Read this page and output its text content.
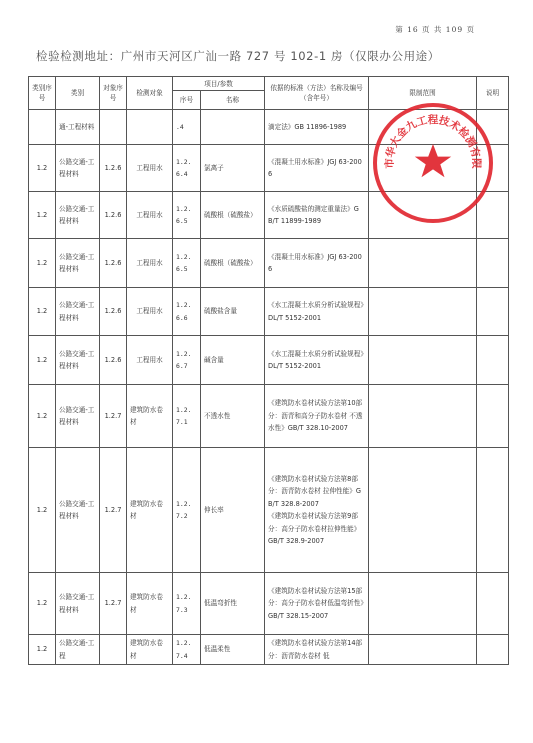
第 16 页 共 109 页
检验检测地址：广州市天河区广汕一路 727 号 102-1 房（仅限办公用途）
类别序号	类别	对象序号	检测对象	项目/参数		依据的标准（方法）名称及编号（含年号）	限制范围	说明
				序号	名称			
	通-工程材料			.4		滴定法》GB 11896-1989		
1.2	公路交通-工程材料	1.2.6	工程用水	1.2.6.4	氯离子	《混凝土用水标准》JGJ 63-2006		
1.2	公路交通-工程材料	1.2.6	工程用水	1.2.6.5	硫酸根（硫酸盐）	《水质硫酸盐的测定重量法》GB/T 11899-1989		
1.2	公路交通-工程材料	1.2.6	工程用水	1.2.6.5	硫酸根（硫酸盐）	《混凝土用水标准》JGJ 63-2006		
1.2	公路交通-工程材料	1.2.6	工程用水	1.2.6.6	硫酸盐含量	《水工混凝土水质分析试验规程》DL/T 5152-2001		
1.2	公路交通-工程材料	1.2.6	工程用水	1.2.6.7	碱含量	《水工混凝土水质分析试验规程》DL/T 5152-2001		
1.2	公路交通-工程材料	1.2.7	建筑防水卷材	1.2.7.1	不透水性	《建筑防水卷材试验方法第10部分：沥青和高分子防水卷材 不透水性》GB/T 328.10-2007		
1.2	公路交通-工程材料	1.2.7	建筑防水卷材	1.2.7.2	伸长率	《建筑防水卷材试验方法第8部分：沥青防水卷材 拉伸性能》GB/T 328.8-2007
《建筑防水卷材试验方法第9部分：高分子防水卷材拉伸性能》GB/T 328.9-2007		

1.2	公路交通-工程材料	1.2.7	建筑防水卷材	1.2.7.3	低温弯折性	《建筑防水卷材试验方法第15部分：高分子防水卷材低温弯折性》GB/T 328.15-2007		
1.2	公路交通-工程		建筑防水卷材	1.2.7.4	低温柔性	《建筑防水卷材试验方法第14部分：沥青防水卷材 低		
市华大金九工程技术检测有限
